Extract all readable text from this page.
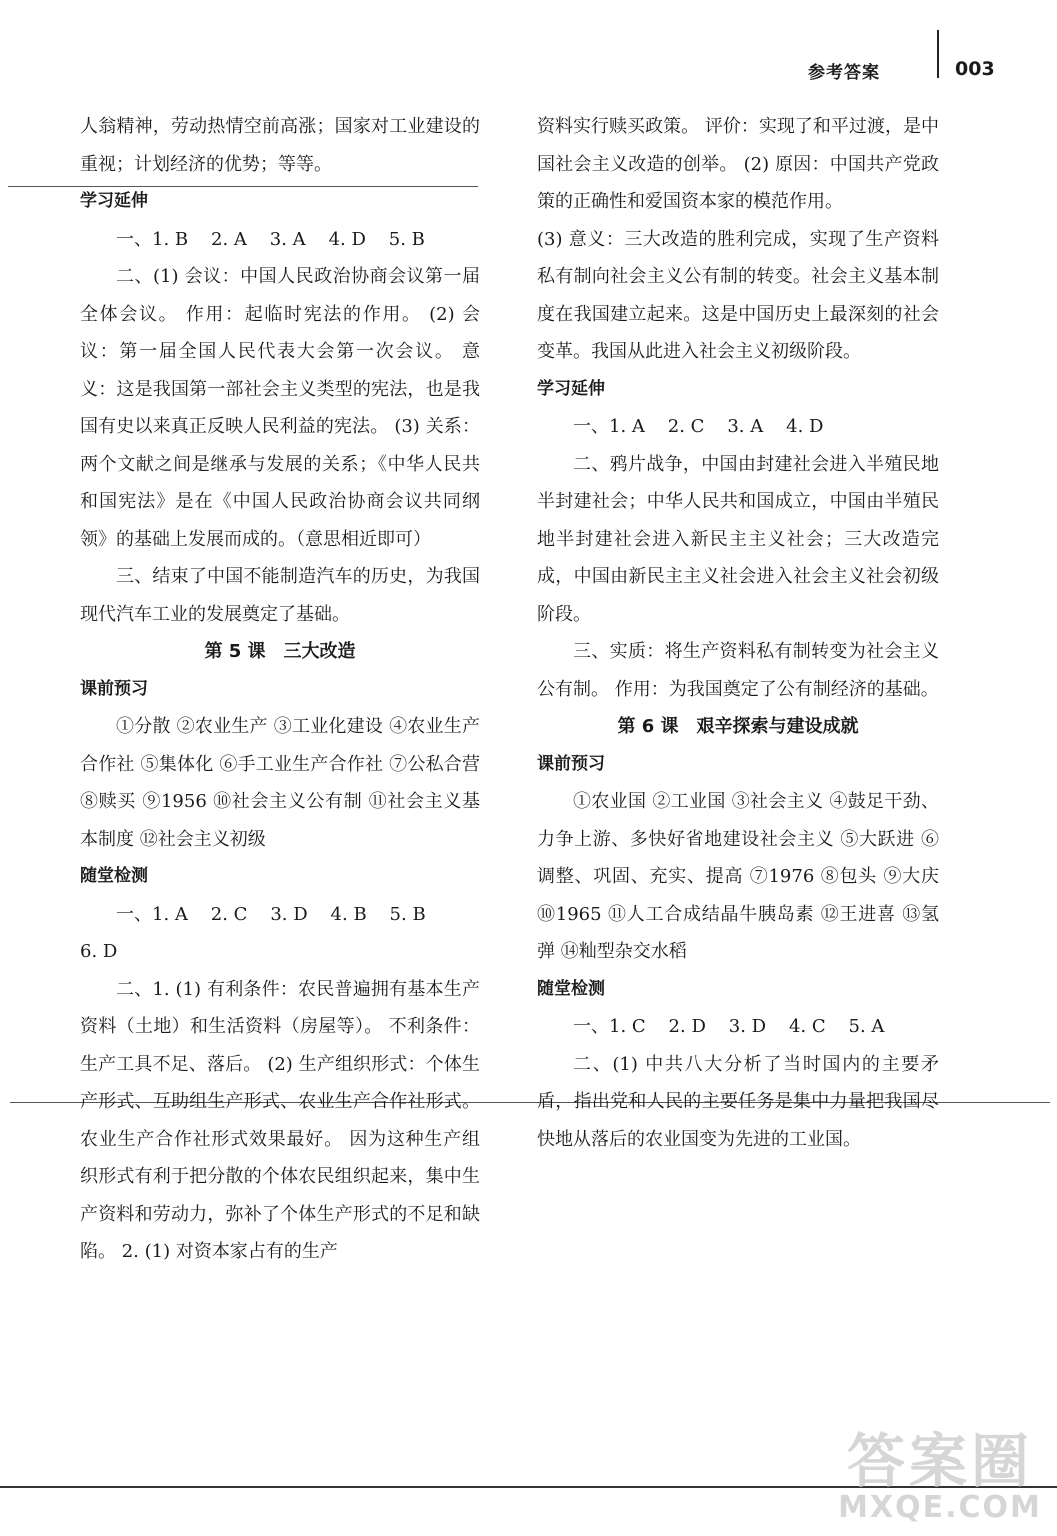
参考答案	003

人翁精神，劳动热情空前高涨；国家对工业建设的重视；计划经济的优势；等等。

学习延伸

一、1. B    2. A    3. A    4. D    5. B

二、(1) 会议：中国人民政治协商会议第一届全体会议。 作用：起临时宪法的作用。 (2) 会议：第一届全国人民代表大会第一次会议。 意义：这是我国第一部社会主义类型的宪法，也是我国有史以来真正反映人民利益的宪法。 (3) 关系：两个文献之间是继承与发展的关系；《中华人民共和国宪法》是在《中国人民政治协商会议共同纲领》的基础上发展而成的。（意思相近即可）

三、结束了中国不能制造汽车的历史，为我国现代汽车工业的发展奠定了基础。

第 5 课　三大改造

课前预习

①分散 ②农业生产 ③工业化建设 ④农业生产合作社 ⑤集体化 ⑥手工业生产合作社 ⑦公私合营 ⑧赎买 ⑨1956 ⑩社会主义公有制 ⑪社会主义基本制度 ⑫社会主义初级

随堂检测

一、1. A    2. C    3. D    4. B    5. B

6. D

二、1. (1) 有利条件：农民普遍拥有基本生产资料（土地）和生活资料（房屋等）。 不利条件：生产工具不足、落后。 (2) 生产组织形式：个体生产形式、互助组生产形式、农业生产合作社形式。 农业生产合作社形式效果最好。 因为这种生产组织形式有利于把分散的个体农民组织起来，集中生产资料和劳动力，弥补了个体生产形式的不足和缺陷。 2. (1) 对资本家占有的生产

资料实行赎买政策。 评价：实现了和平过渡，是中国社会主义改造的创举。 (2) 原因：中国共产党政策的正确性和爱国资本家的模范作用。

(3) 意义：三大改造的胜利完成，实现了生产资料私有制向社会主义公有制的转变。社会主义基本制度在我国建立起来。这是中国历史上最深刻的社会变革。我国从此进入社会主义初级阶段。

学习延伸

一、1. A    2. C    3. A    4. D

二、鸦片战争，中国由封建社会进入半殖民地半封建社会；中华人民共和国成立，中国由半殖民地半封建社会进入新民主主义社会；三大改造完成，中国由新民主主义社会进入社会主义社会初级阶段。

三、实质：将生产资料私有制转变为社会主义公有制。 作用：为我国奠定了公有制经济的基础。

第 6 课　艰辛探索与建设成就

课前预习

①农业国 ②工业国 ③社会主义 ④鼓足干劲、力争上游、多快好省地建设社会主义 ⑤大跃进 ⑥调整、巩固、充实、提高 ⑦1976 ⑧包头 ⑨大庆 ⑩1965 ⑪人工合成结晶牛胰岛素 ⑫王进喜 ⑬氢弹 ⑭籼型杂交水稻

随堂检测

一、1. C    2. D    3. D    4. C    5. A

二、(1) 中共八大分析了当时国内的主要矛盾，指出党和人民的主要任务是集中力量把我国尽快地从落后的农业国变为先进的工业国。

答案圈
MXQE.COM
